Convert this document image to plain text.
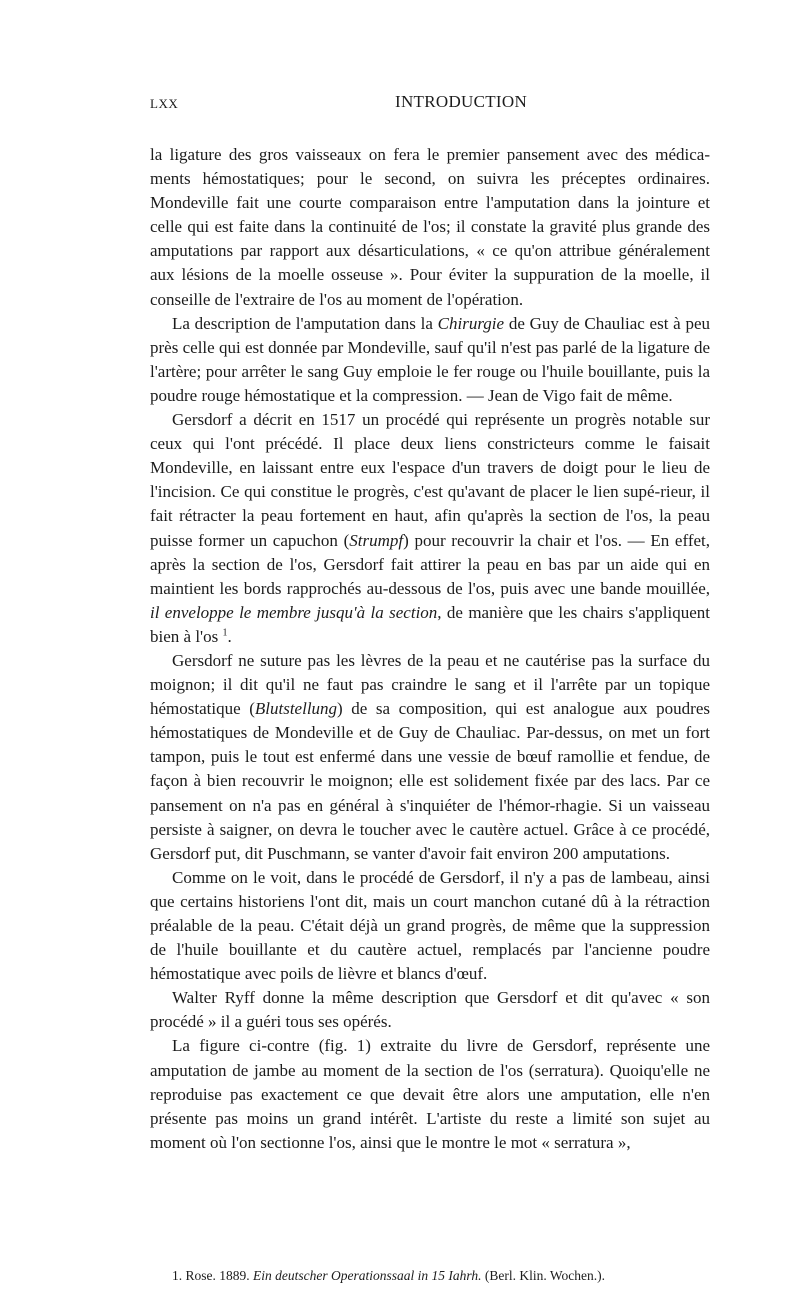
LXX	INTRODUCTION

la ligature des gros vaisseaux on fera le premier pansement avec des médica-ments hémostatiques; pour le second, on suivra les préceptes ordinaires. Mondeville fait une courte comparaison entre l'amputation dans la jointure et celle qui est faite dans la continuité de l'os; il constate la gravité plus grande des amputations par rapport aux désarticulations, « ce qu'on attribue généralement aux lésions de la moelle osseuse ». Pour éviter la suppuration de la moelle, il conseille de l'extraire de l'os au moment de l'opération.

La description de l'amputation dans la Chirurgie de Guy de Chauliac est à peu près celle qui est donnée par Mondeville, sauf qu'il n'est pas parlé de la ligature de l'artère; pour arrêter le sang Guy emploie le fer rouge ou l'huile bouillante, puis la poudre rouge hémostatique et la compression. — Jean de Vigo fait de même.

Gersdorf a décrit en 1517 un procédé qui représente un progrès notable sur ceux qui l'ont précédé. Il place deux liens constricteurs comme le faisait Mondeville, en laissant entre eux l'espace d'un travers de doigt pour le lieu de l'incision. Ce qui constitue le progrès, c'est qu'avant de placer le lien supé-rieur, il fait rétracter la peau fortement en haut, afin qu'après la section de l'os, la peau puisse former un capuchon (Strumpf) pour recouvrir la chair et l'os. — En effet, après la section de l'os, Gersdorf fait attirer la peau en bas par un aide qui en maintient les bords rapprochés au-dessous de l'os, puis avec une bande mouillée, il enveloppe le membre jusqu'à la section, de manière que les chairs s'appliquent bien à l'os $^1$.

Gersdorf ne suture pas les lèvres de la peau et ne cautérise pas la surface du moignon; il dit qu'il ne faut pas craindre le sang et il l'arrête par un topique hémostatique (Blutstellung) de sa composition, qui est analogue aux poudres hémostatiques de Mondeville et de Guy de Chauliac. Par-dessus, on met un fort tampon, puis le tout est enfermé dans une vessie de bœuf ramollie et fendue, de façon à bien recouvrir le moignon; elle est solidement fixée par des lacs. Par ce pansement on n'a pas en général à s'inquiéter de l'hémor-rhagie. Si un vaisseau persiste à saigner, on devra le toucher avec le cautère actuel. Grâce à ce procédé, Gersdorf put, dit Puschmann, se vanter d'avoir fait environ 200 amputations.

Comme on le voit, dans le procédé de Gersdorf, il n'y a pas de lambeau, ainsi que certains historiens l'ont dit, mais un court manchon cutané dû à la rétraction préalable de la peau. C'était déjà un grand progrès, de même que la suppression de l'huile bouillante et du cautère actuel, remplacés par l'ancienne poudre hémostatique avec poils de lièvre et blancs d'œuf.

Walter Ryff donne la même description que Gersdorf et dit qu'avec « son procédé » il a guéri tous ses opérés.

La figure ci-contre (fig. 1) extraite du livre de Gersdorf, représente une amputation de jambe au moment de la section de l'os (serratura). Quoiqu'elle ne reproduise pas exactement ce que devait être alors une amputation, elle n'en présente pas moins un grand intérêt. L'artiste du reste a limité son sujet au moment où l'on sectionne l'os, ainsi que le montre le mot « serratura »,

1. Rose. 1889. Ein deutscher Operationssaal in 15 Iahrh. (Berl. Klin. Wochen.).
